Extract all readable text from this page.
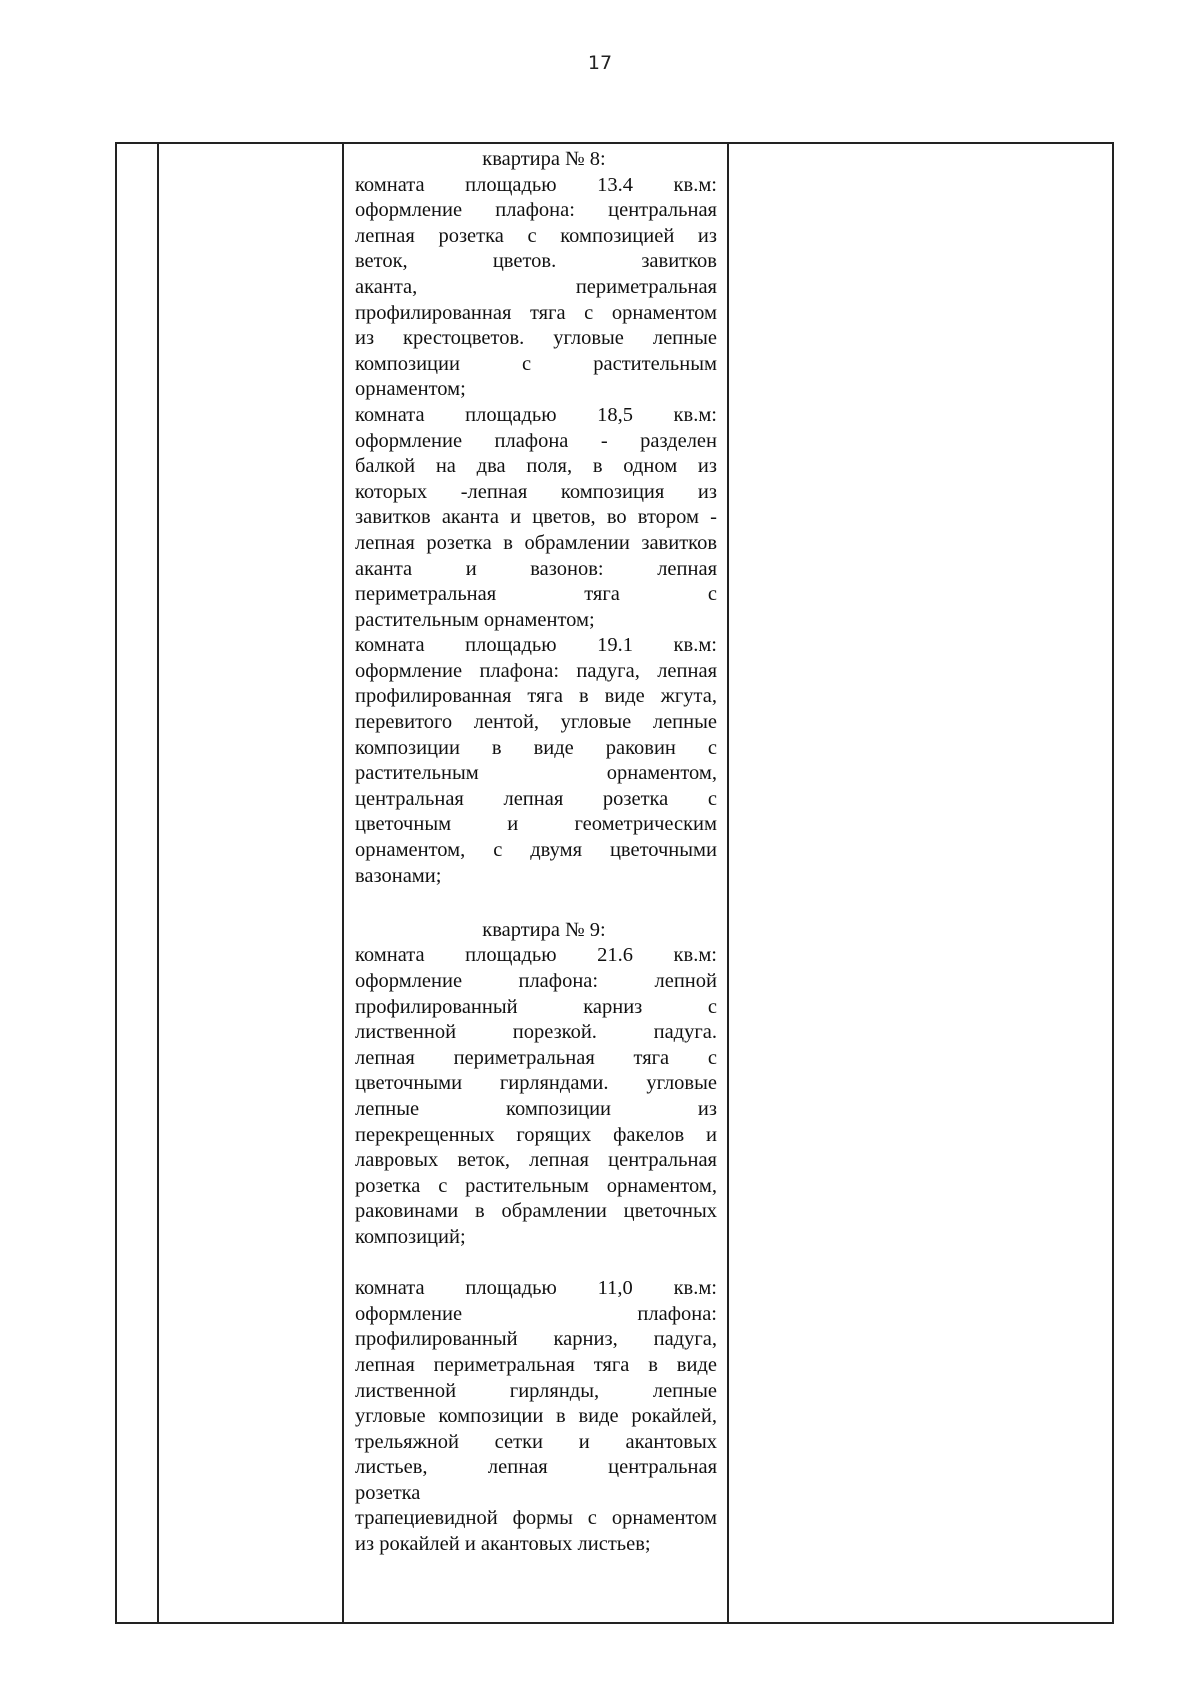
17
квартира № 8:
комната площадью 13.4 кв.м:
оформление плафона: центральная
лепная розетка с композицией из
веток, цветов. завитков
аканта, периметральная
профилированная тяга с орнаментом
из крестоцветов. угловые лепные
композиции с растительным
орнаментом;
комната площадью 18,5 кв.м:
оформление плафона - разделен
балкой на два поля, в одном из
которых -лепная композиция из
завитков аканта и цветов, во втором -
лепная розетка в обрамлении завитков
аканта и вазонов: лепная
периметральная тяга с
растительным орнаментом;
комната площадью 19.1 кв.м:
оформление плафона: падуга, лепная
профилированная тяга в виде жгута,
перевитого лентой, угловые лепные
композиции в виде раковин с
растительным орнаментом,
центральная лепная розетка с
цветочным и геометрическим
орнаментом, с двумя цветочными
вазонами;
квартира № 9:
комната площадью 21.6 кв.м:
оформление плафона: лепной
профилированный карниз с
лиственной порезкой. падуга.
лепная периметральная тяга с
цветочными гирляндами. угловые
лепные композиции из
перекрещенных горящих факелов и
лавровых веток, лепная центральная
розетка с растительным орнаментом,
раковинами в обрамлении цветочных
композиций;
комната площадью 11,0 кв.м:
оформление плафона:
профилированный карниз, падуга,
лепная периметральная тяга в виде
лиственной гирлянды, лепные
угловые композиции в виде рокайлей,
трельяжной сетки и акантовых
листьев, лепная центральная
розетка
трапециевидной формы с орнаментом
из рокайлей и акантовых листьев;
